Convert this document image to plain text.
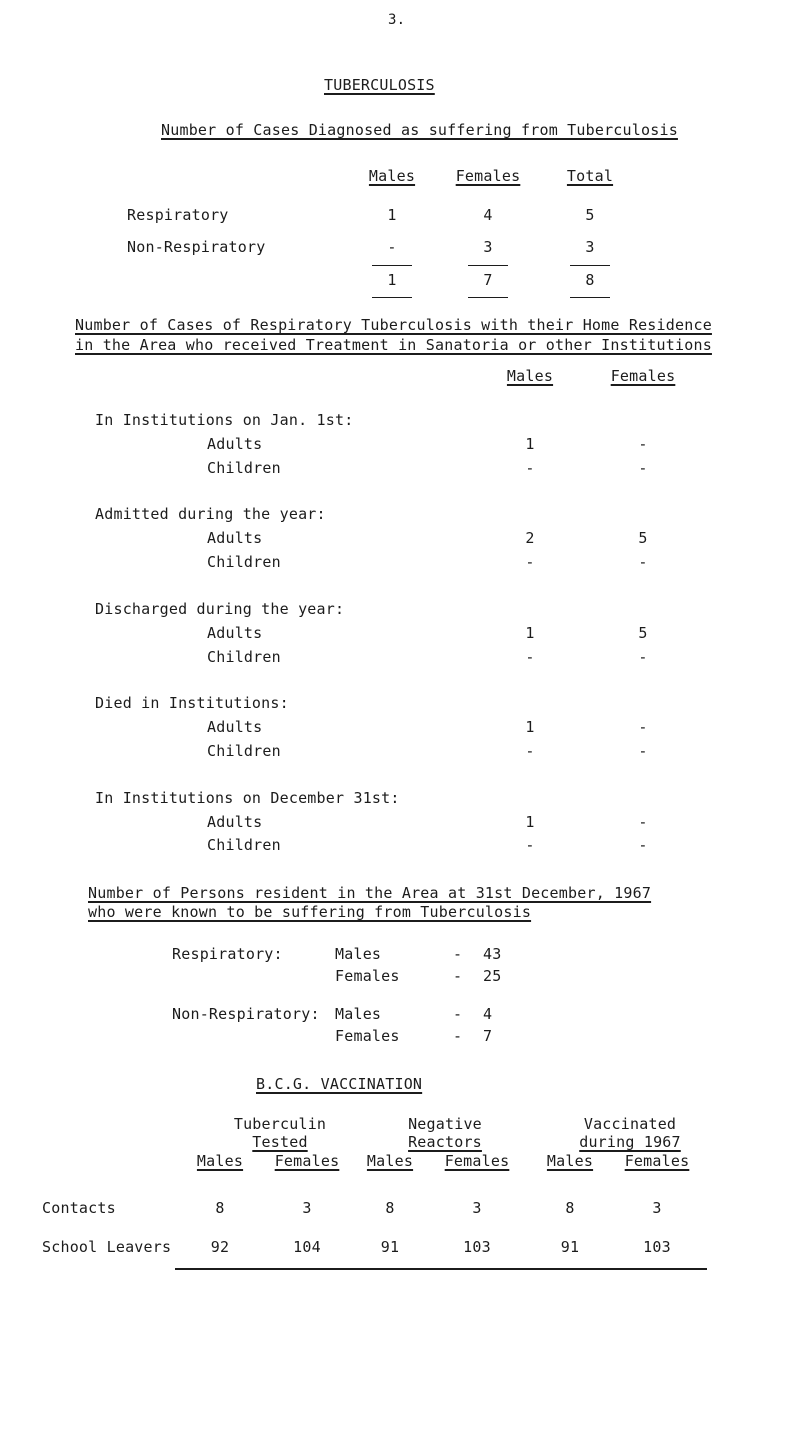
3.
TUBERCULOSIS
Number of Cases Diagnosed as suffering from Tuberculosis
Males	Females	Total
Respiratory	1	4	5
Non-Respiratory	-	3	3
1	7	8
Number of Cases of Respiratory Tuberculosis with their Home Residence
in the Area who received Treatment in Sanatoria or other Institutions
Males	Females
In Institutions on Jan. 1st:
Adults	1	-
Children	-	-
Admitted during the year:
Adults	2	5
Children	-	-
Discharged during the year:
Adults	1	5
Children	-	-
Died in Institutions:
Adults	1	-
Children	-	-
In Institutions on December 31st:
Adults	1	-
Children	-	-
Number of Persons resident in the Area at 31st December, 1967
who were known to be suffering from Tuberculosis
Respiratory:	Males	- 43
Females	- 25
Non-Respiratory: Males	- 4
Females	- 7
B.C.G. VACCINATION
Tuberculin
Tested
Negative
Reactors
Vaccinated
during 1967
Males	Females	Males	Females	Males	Females
Contacts	8	3	8	3	8	3
School Leavers	92	104	91	103	91	103
